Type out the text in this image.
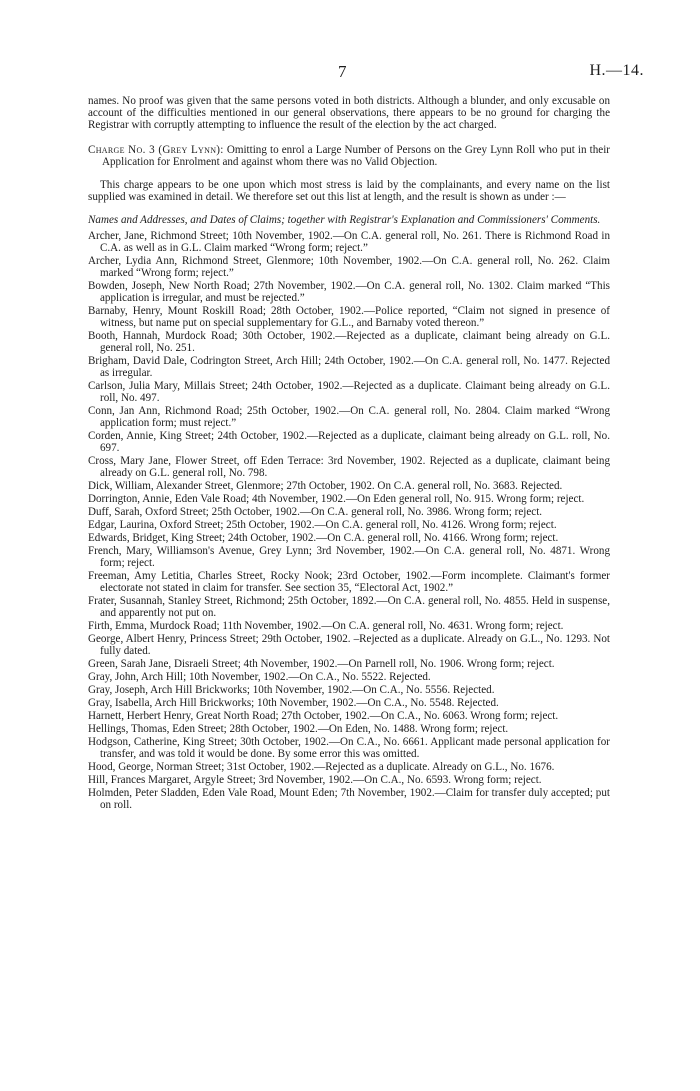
7	H.—14.

names. No proof was given that the same persons voted in both districts. Although a blunder, and only excusable on account of the difficulties mentioned in our general observations, there appears to be no ground for charging the Registrar with corruptly attempting to influence the result of the election by the act charged.

Charge No. 3 (Grey Lynn): Omitting to enrol a Large Number of Persons on the Grey Lynn Roll who put in their Application for Enrolment and against whom there was no Valid Objection.

This charge appears to be one upon which most stress is laid by the complainants, and every name on the list supplied was examined in detail. We therefore set out this list at length, and the result is shown as under :—

Names and Addresses, and Dates of Claims; together with Registrar's Explanation and Commissioners' Comments.

Archer, Jane, Richmond Street; 10th November, 1902.—On C.A. general roll, No. 261. There is Richmond Road in C.A. as well as in G.L. Claim marked “Wrong form; reject.”
Archer, Lydia Ann, Richmond Street, Glenmore; 10th November, 1902.—On C.A. general roll, No. 262. Claim marked “Wrong form; reject.”
Bowden, Joseph, New North Road; 27th November, 1902.—On C.A. general roll, No. 1302. Claim marked “This application is irregular, and must be rejected.”
Barnaby, Henry, Mount Roskill Road; 28th October, 1902.—Police reported, “Claim not signed in presence of witness, but name put on special supplementary for G.L., and Barnaby voted thereon.”
Booth, Hannah, Murdock Road; 30th October, 1902.—Rejected as a duplicate, claimant being already on G.L. general roll, No. 251.
Brigham, David Dale, Codrington Street, Arch Hill; 24th October, 1902.—On C.A. general roll, No. 1477. Rejected as irregular.
Carlson, Julia Mary, Millais Street; 24th October, 1902.—Rejected as a duplicate. Claimant being already on G.L. roll, No. 497.
Conn, Jan Ann, Richmond Road; 25th October, 1902.—On C.A. general roll, No. 2804. Claim marked “Wrong application form; must reject.”
Corden, Annie, King Street; 24th October, 1902.—Rejected as a duplicate, claimant being already on G.L. roll, No. 697.
Cross, Mary Jane, Flower Street, off Eden Terrace: 3rd November, 1902. Rejected as a duplicate, claimant being already on G.L. general roll, No. 798.
Dick, William, Alexander Street, Glenmore; 27th October, 1902. On C.A. general roll, No. 3683. Rejected.
Dorrington, Annie, Eden Vale Road; 4th November, 1902.—On Eden general roll, No. 915. Wrong form; reject.
Duff, Sarah, Oxford Street; 25th October, 1902.—On C.A. general roll, No. 3986. Wrong form; reject.
Edgar, Laurina, Oxford Street; 25th October, 1902.—On C.A. general roll, No. 4126. Wrong form; reject.
Edwards, Bridget, King Street; 24th October, 1902.—On C.A. general roll, No. 4166. Wrong form; reject.
French, Mary, Williamson's Avenue, Grey Lynn; 3rd November, 1902.—On C.A. general roll, No. 4871. Wrong form; reject.
Freeman, Amy Letitia, Charles Street, Rocky Nook; 23rd October, 1902.—Form incomplete. Claimant's former electorate not stated in claim for transfer. See section 35, “Electoral Act, 1902.”
Frater, Susannah, Stanley Street, Richmond; 25th October, 1892.—On C.A. general roll, No. 4855. Held in suspense, and apparently not put on.
Firth, Emma, Murdock Road; 11th November, 1902.—On C.A. general roll, No. 4631. Wrong form; reject.
George, Albert Henry, Princess Street; 29th October, 1902. –Rejected as a duplicate. Already on G.L., No. 1293. Not fully dated.
Green, Sarah Jane, Disraeli Street; 4th November, 1902.—On Parnell roll, No. 1906. Wrong form; reject.
Gray, John, Arch Hill; 10th November, 1902.—On C.A., No. 5522. Rejected.
Gray, Joseph, Arch Hill Brickworks; 10th November, 1902.—On C.A., No. 5556. Rejected.
Gray, Isabella, Arch Hill Brickworks; 10th November, 1902.—On C.A., No. 5548. Rejected.
Harnett, Herbert Henry, Great North Road; 27th October, 1902.—On C.A., No. 6063. Wrong form; reject.
Hellings, Thomas, Eden Street; 28th October, 1902.—On Eden, No. 1488. Wrong form; reject.
Hodgson, Catherine, King Street; 30th October, 1902.—On C.A., No. 6661. Applicant made personal application for transfer, and was told it would be done. By some error this was omitted.
Hood, George, Norman Street; 31st October, 1902.—Rejected as a duplicate. Already on G.L., No. 1676.
Hill, Frances Margaret, Argyle Street; 3rd November, 1902.—On C.A., No. 6593. Wrong form; reject.
Holmden, Peter Sladden, Eden Vale Road, Mount Eden; 7th November, 1902.—Claim for transfer duly accepted; put on roll.
